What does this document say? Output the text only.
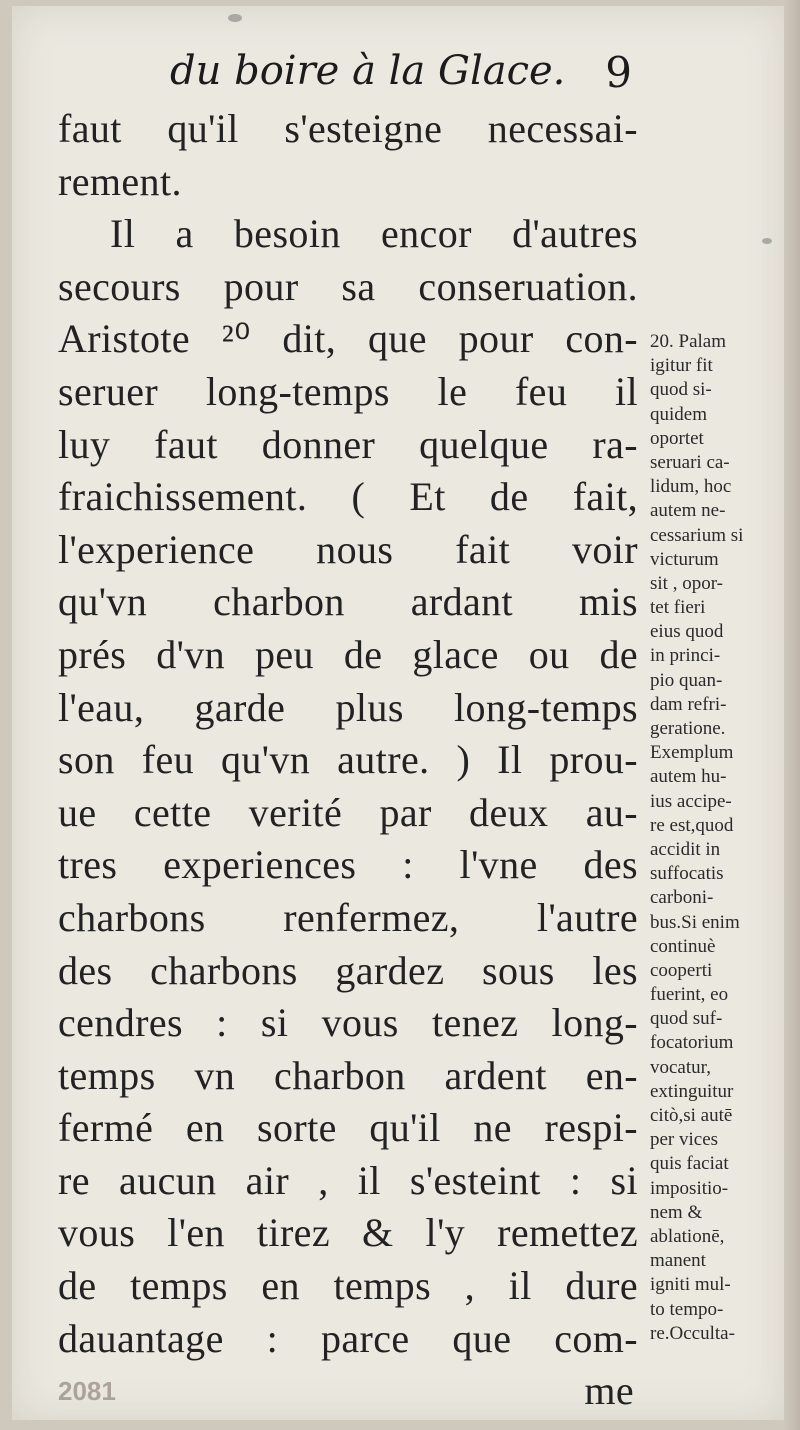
du boire à la Glace. 9
faut qu'il s'esteigne necessai-
rement.
Il a besoin encor d'autres
secours pour sa conseruation.
Aristote ²⁰ dit, que pour con-
seruer long-temps le feu il
luy faut donner quelque ra-
fraichissement. ( Et de fait,
l'experience nous fait voir
qu'vn charbon ardant mis
prés d'vn peu de glace ou de
l'eau, garde plus long-temps
son feu qu'vn autre. ) Il prou-
ue cette verité par deux au-
tres experiences : l'vne des
charbons renfermez, l'autre
des charbons gardez sous les
cendres : si vous tenez long-
temps vn charbon ardent en-
fermé en sorte qu'il ne respi-
re aucun air , il s'esteint : si
vous l'en tirez & l'y remettez
de temps en temps , il dure
dauantage : parce que com-
me
20. Palam
igitur fit
quod si-
quidem
oportet
seruari ca-
lidum, hoc
autem ne-
cessarium si
victurum
sit , opor-
tet fieri
eius quod
in princi-
pio quan-
dam refri-
geratione.
Exemplum
autem hu-
ius accipe-
re est,quod
accidit in
suffocatis
carboni-
bus.Si enim
continuè
cooperti
fuerint, eo
quod suf-
focatorium
vocatur,
extinguitur
citò,si autē
per vices
quis faciat
impositio-
nem &
ablationē,
manent
igniti mul-
to tempo-
re.Occulta-
2081
